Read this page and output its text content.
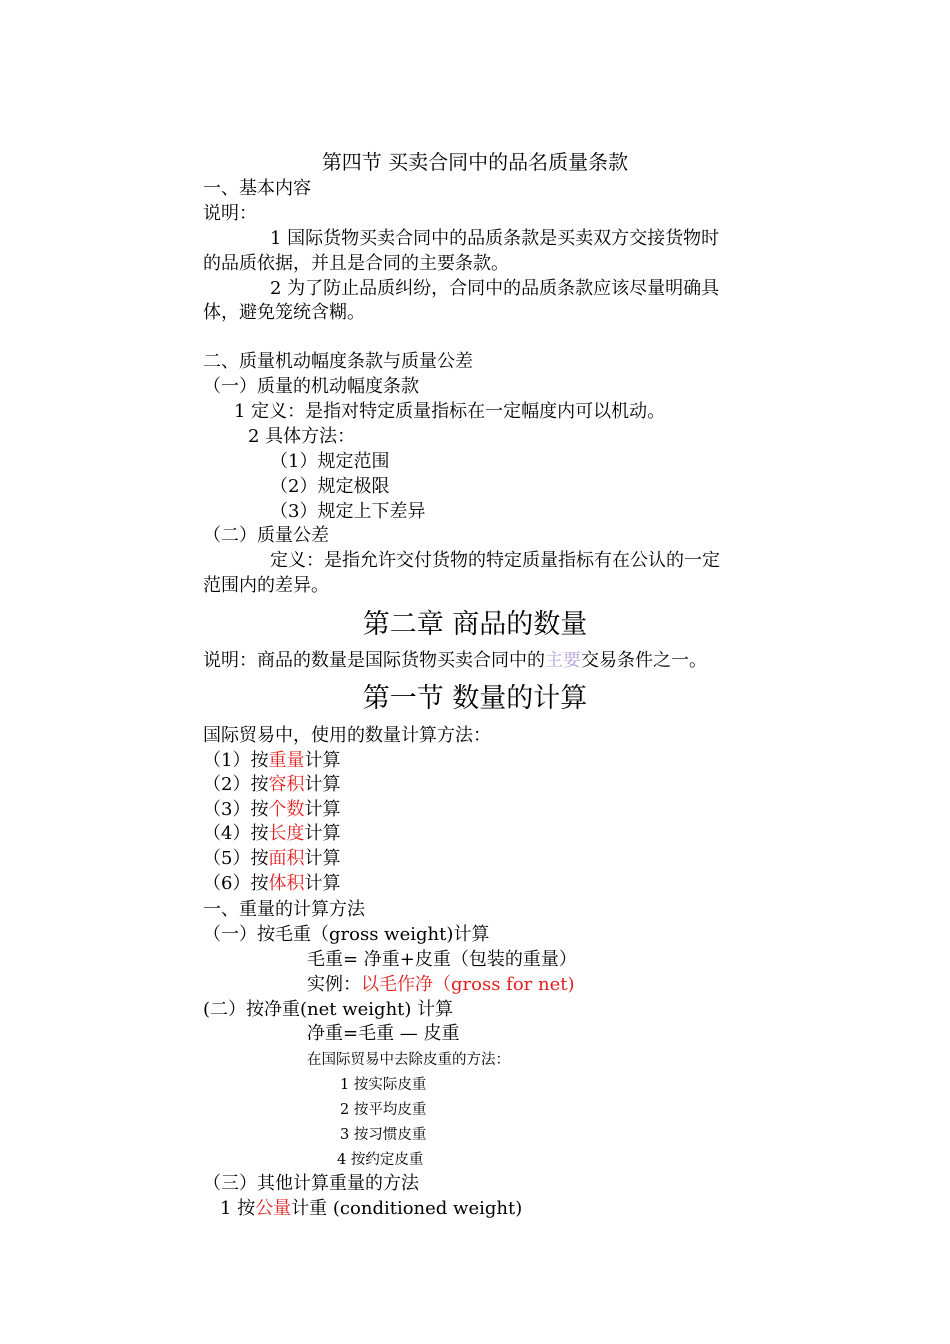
第四节 买卖合同中的品名质量条款
一、基本内容
说明：
1 国际货物买卖合同中的品质条款是买卖双方交接货物时
的品质依据，并且是合同的主要条款。
2 为了防止品质纠纷，合同中的品质条款应该尽量明确具
体，避免笼统含糊。
二、质量机动幅度条款与质量公差
（一）质量的机动幅度条款
1 定义：是指对特定质量指标在一定幅度内可以机动。
2 具体方法：
（1）规定范围
（2）规定极限
（3）规定上下差异
（二）质量公差
定义：是指允许交付货物的特定质量指标有在公认的一定
范围内的差异。
第二章 商品的数量
说明：商品的数量是国际货物买卖合同中的主要交易条件之一。
第一节 数量的计算
国际贸易中，使用的数量计算方法：
（1）按重量计算
（2）按容积计算
（3）按个数计算
（4）按长度计算
（5）按面积计算
（6）按体积计算
一、重量的计算方法
（一）按毛重（gross weight)计算
毛重= 净重+皮重（包装的重量）
实例：以毛作净（gross for net)
(二）按净重(net weight) 计算
净重=毛重 — 皮重
在国际贸易中去除皮重的方法：
1 按实际皮重
2 按平均皮重
3 按习惯皮重
4 按约定皮重
（三）其他计算重量的方法
1 按公量计重 (conditioned weight)
